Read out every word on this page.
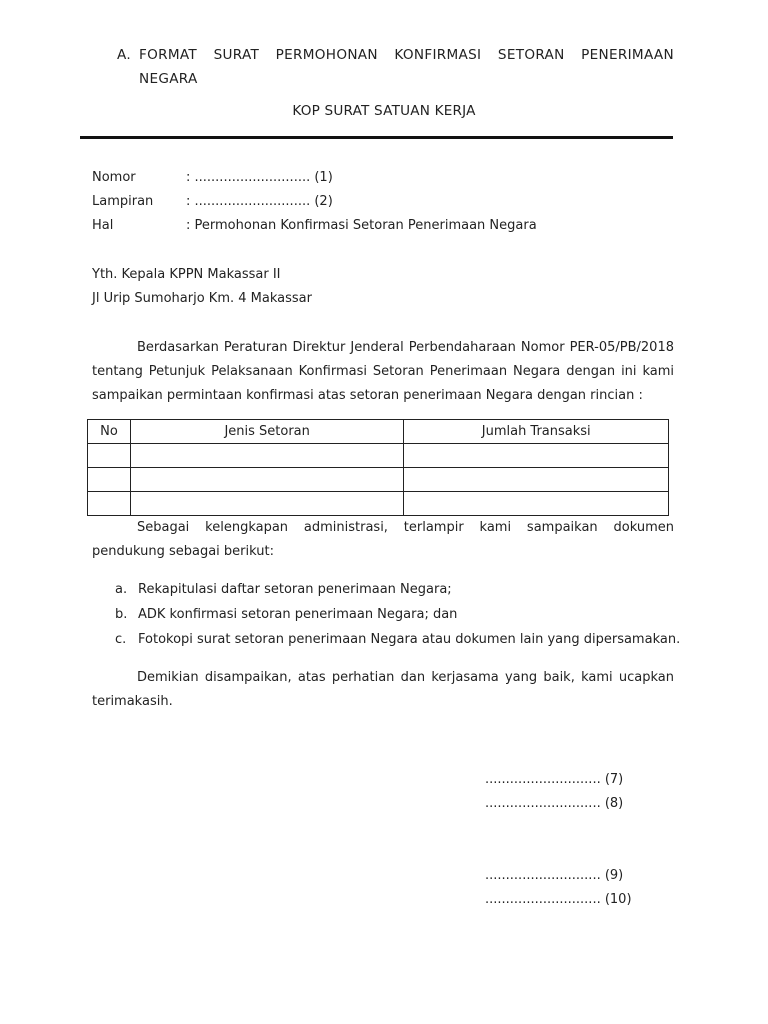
A. FORMAT SURAT PERMOHONAN KONFIRMASI SETORAN PENERIMAAN NEGARA
KOP SURAT SATUAN KERJA
Nomor	: ............................ (1)
Lampiran	: ............................ (2)
Hal	: Permohonan Konfirmasi Setoran Penerimaan Negara
Yth. Kepala KPPN Makassar II
Jl Urip Sumoharjo Km. 4 Makassar
Berdasarkan Peraturan Direktur Jenderal Perbendaharaan Nomor PER-05/PB/2018 tentang Petunjuk Pelaksanaan Konfirmasi Setoran Penerimaan Negara dengan ini kami sampaikan permintaan konfirmasi atas setoran penerimaan Negara dengan rincian :
No	Jenis Setoran	Jumlah Transaksi

Sebagai kelengkapan administrasi, terlampir kami sampaikan dokumen pendukung sebagai berikut:
a. Rekapitulasi daftar setoran penerimaan Negara;
b. ADK konfirmasi setoran penerimaan Negara; dan
c. Fotokopi surat setoran penerimaan Negara atau dokumen lain yang dipersamakan.
Demikian disampaikan, atas perhatian dan kerjasama yang baik, kami ucapkan terimakasih.
............................ (7)
............................ (8)
............................ (9)
............................ (10)
